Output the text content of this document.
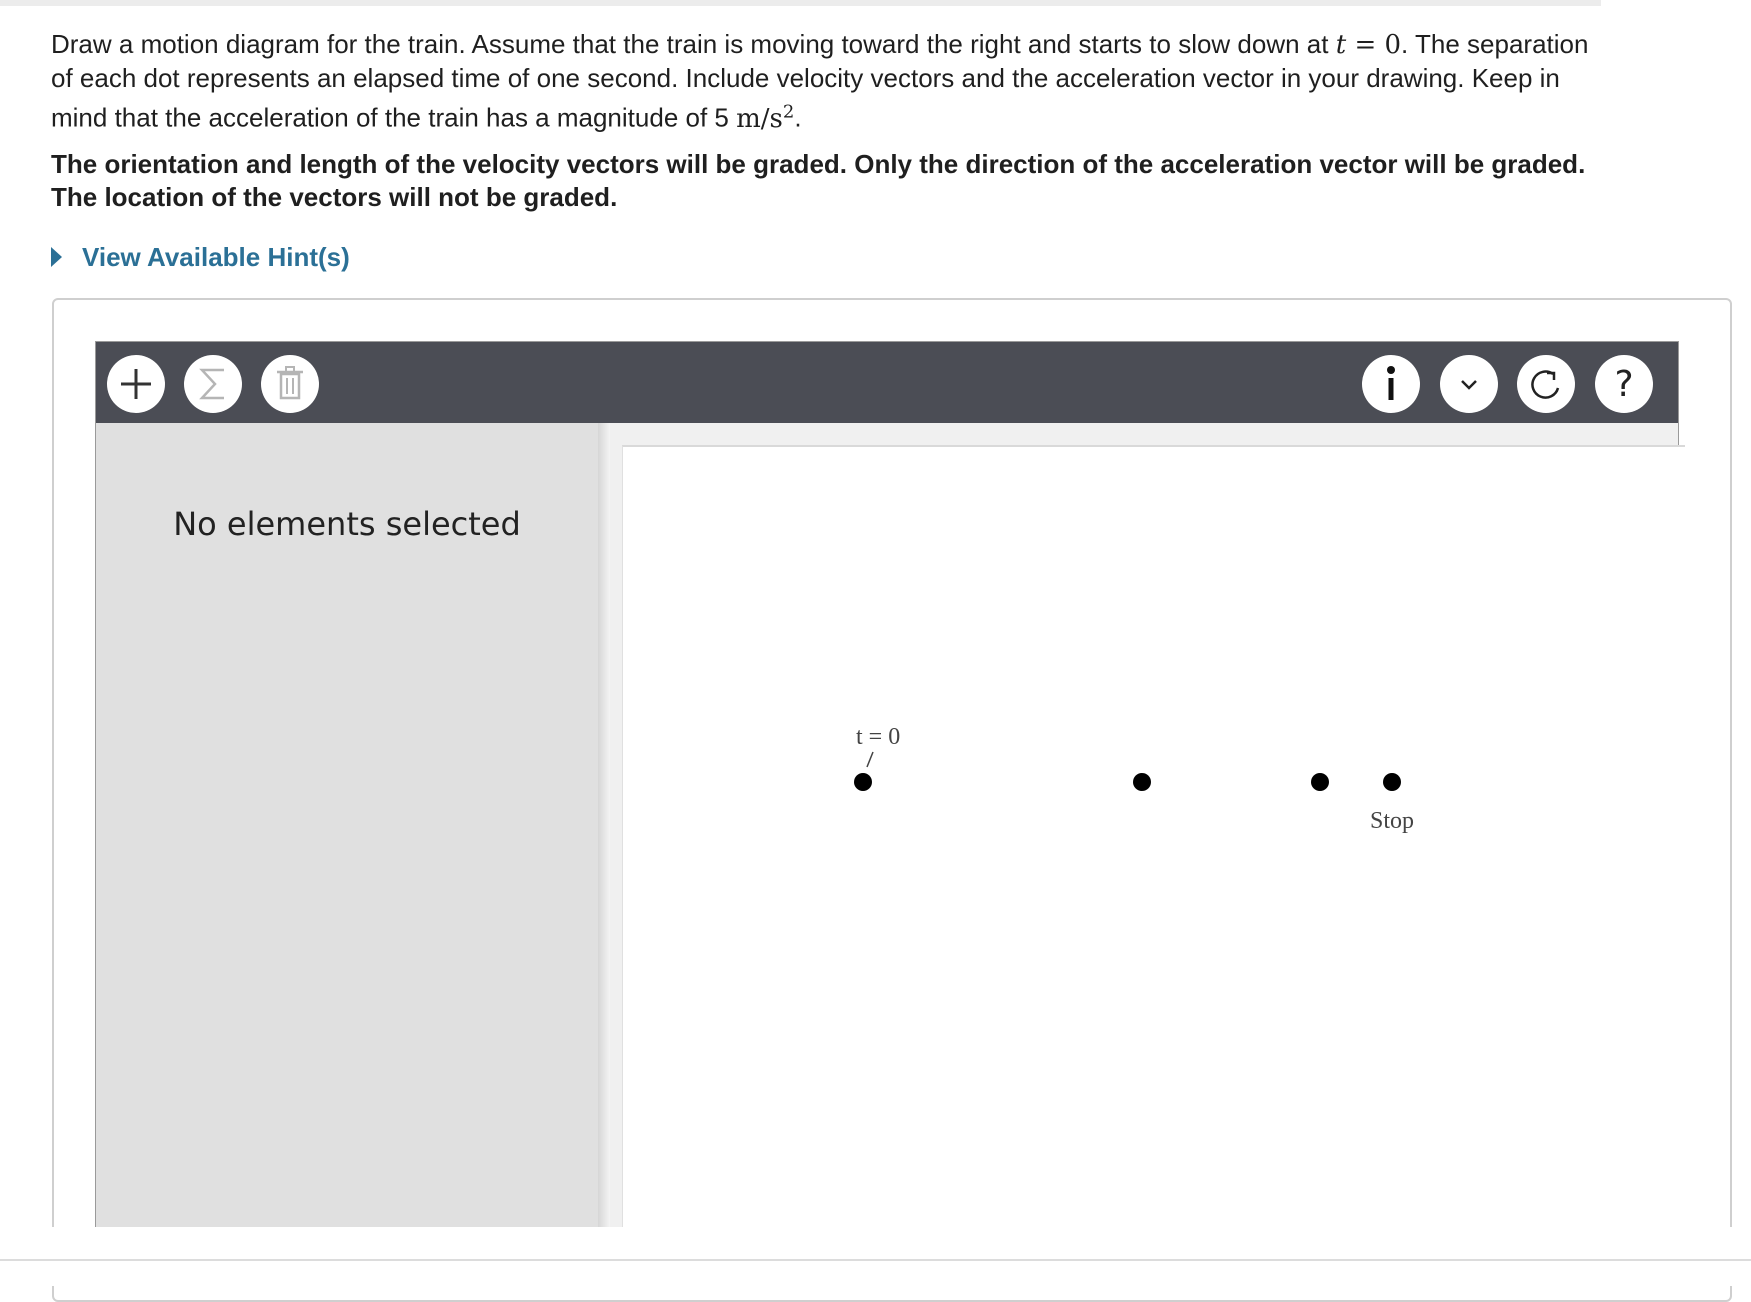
Draw a motion diagram for the train. Assume that the train is moving toward the right and starts to slow down at t = 0. The separation of each dot represents an elapsed time of one second. Include velocity vectors and the acceleration vector in your drawing. Keep in mind that the acceleration of the train has a magnitude of 5 $m/s^2$.

The orientation and length of the velocity vectors will be graded. Only the direction of the acceleration vector will be graded. The location of the vectors will not be graded.

View Available Hint(s)
?
No elements selected
t = 0
Stop
